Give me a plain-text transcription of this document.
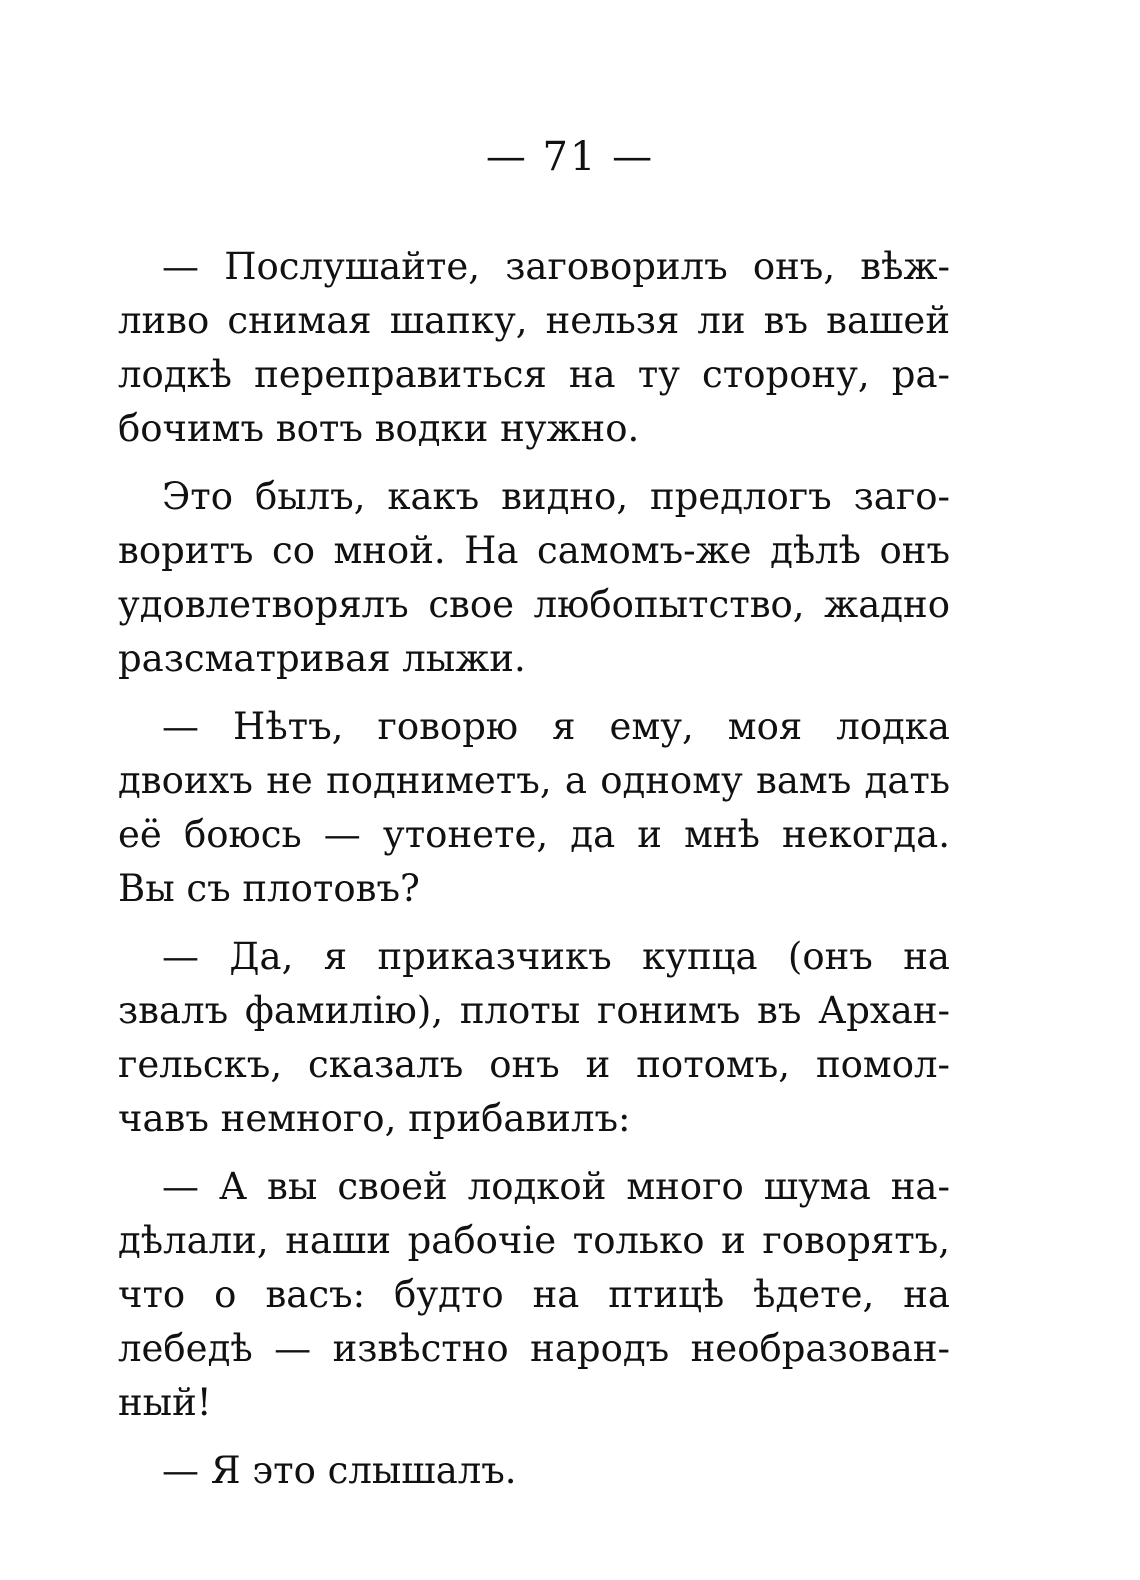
— 71 —
— Послушайте, заговорилъ онъ, вѣж-
ливо снимая шапку, нельзя ли въ вашей
лодкѣ переправиться на ту сторону, ра-
бочимъ вотъ водки нужно.
Это былъ, какъ видно, предлогъ заго-
воритъ со мной. На самомъ-же дѣлѣ онъ
удовлетворялъ свое любопытство, жадно
разсматривая лыжи.
— Нѣтъ, говорю я ему, моя лодка
двоихъ не подниметъ, а одному вамъ дать
её боюсь — утонете, да и мнѣ некогда.
Вы съ плотовъ?
— Да, я приказчикъ купца (онъ на
звалъ фамилію), плоты гонимъ въ Архан-
гельскъ, сказалъ онъ и потомъ, помол-
чавъ немного, прибавилъ:
— А вы своей лодкой много шума на-
дѣлали, наши рабочіе только и говорятъ,
что о васъ: будто на птицѣ ѣдете, на
лебедѣ — извѣстно народъ необразован-
ный!
— Я это слышалъ.
